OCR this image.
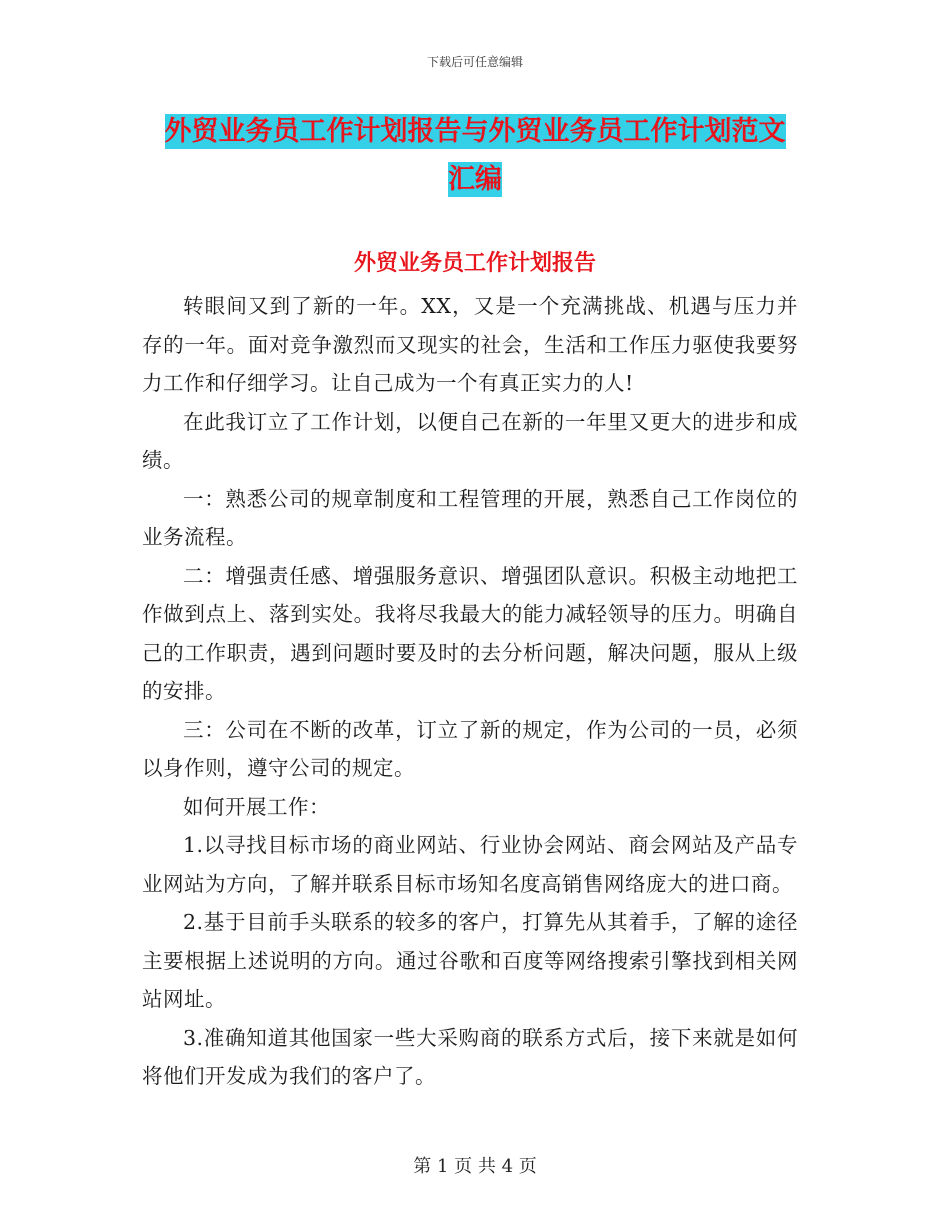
下载后可任意编辑
外贸业务员工作计划报告与外贸业务员工作计划范文
汇编
外贸业务员工作计划报告

转眼间又到了新的一年。XX，又是一个充满挑战、机遇与压力并存的一年。面对竞争激烈而又现实的社会，生活和工作压力驱使我要努力工作和仔细学习。让自己成为一个有真正实力的人!

在此我订立了工作计划，以便自己在新的一年里又更大的进步和成绩。

一：熟悉公司的规章制度和工程管理的开展，熟悉自己工作岗位的业务流程。

二：增强责任感、增强服务意识、增强团队意识。积极主动地把工作做到点上、落到实处。我将尽我最大的能力减轻领导的压力。明确自己的工作职责，遇到问题时要及时的去分析问题，解决问题，服从上级的安排。

三：公司在不断的改革，订立了新的规定，作为公司的一员，必须以身作则，遵守公司的规定。

如何开展工作：

1.以寻找目标市场的商业网站、行业协会网站、商会网站及产品专业网站为方向，了解并联系目标市场知名度高销售网络庞大的进口商。

2.基于目前手头联系的较多的客户，打算先从其着手，了解的途径主要根据上述说明的方向。通过谷歌和百度等网络搜索引擎找到相关网站网址。

3.准确知道其他国家一些大采购商的联系方式后，接下来就是如何将他们开发成为我们的客户了。

第 1 页 共 4 页
